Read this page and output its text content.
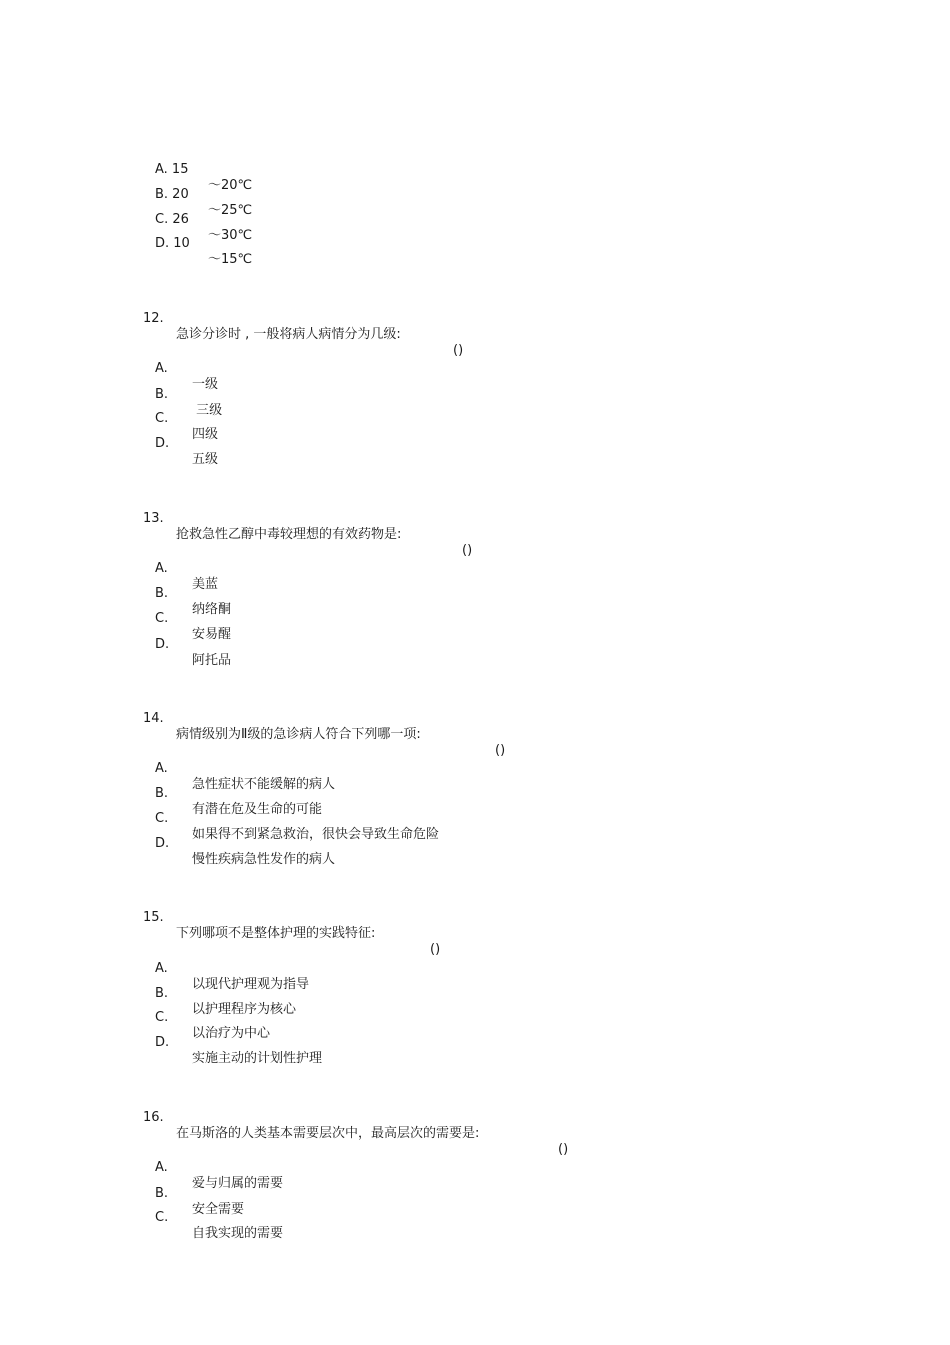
A. 15

～20℃

B. 20

～25℃

C. 26

～30℃

D. 10

～15℃

12.

急诊分诊时 , 一般将病人病情分为几级:

()

A.

一级

B.

三级

C.

四级

D.

五级

13.

抢救急性乙醇中毒较理想的有效药物是:

()

A.

美蓝

B.

纳络酮

C.

安易醒

D.

阿托品

14.

病情级别为Ⅱ级的急诊病人符合下列哪一项:

()

A.

急性症状不能缓解的病人

B.

有潜在危及生命的可能

C.

如果得不到紧急救治，很快会导致生命危险

D.

慢性疾病急性发作的病人

15.

下列哪项不是整体护理的实践特征:

()

A.

以现代护理观为指导

B.

以护理程序为核心

C.

以治疗为中心

D.

实施主动的计划性护理

16.

在马斯洛的人类基本需要层次中，最高层次的需要是:

()

A.

爱与归属的需要

B.

安全需要

C.

自我实现的需要
